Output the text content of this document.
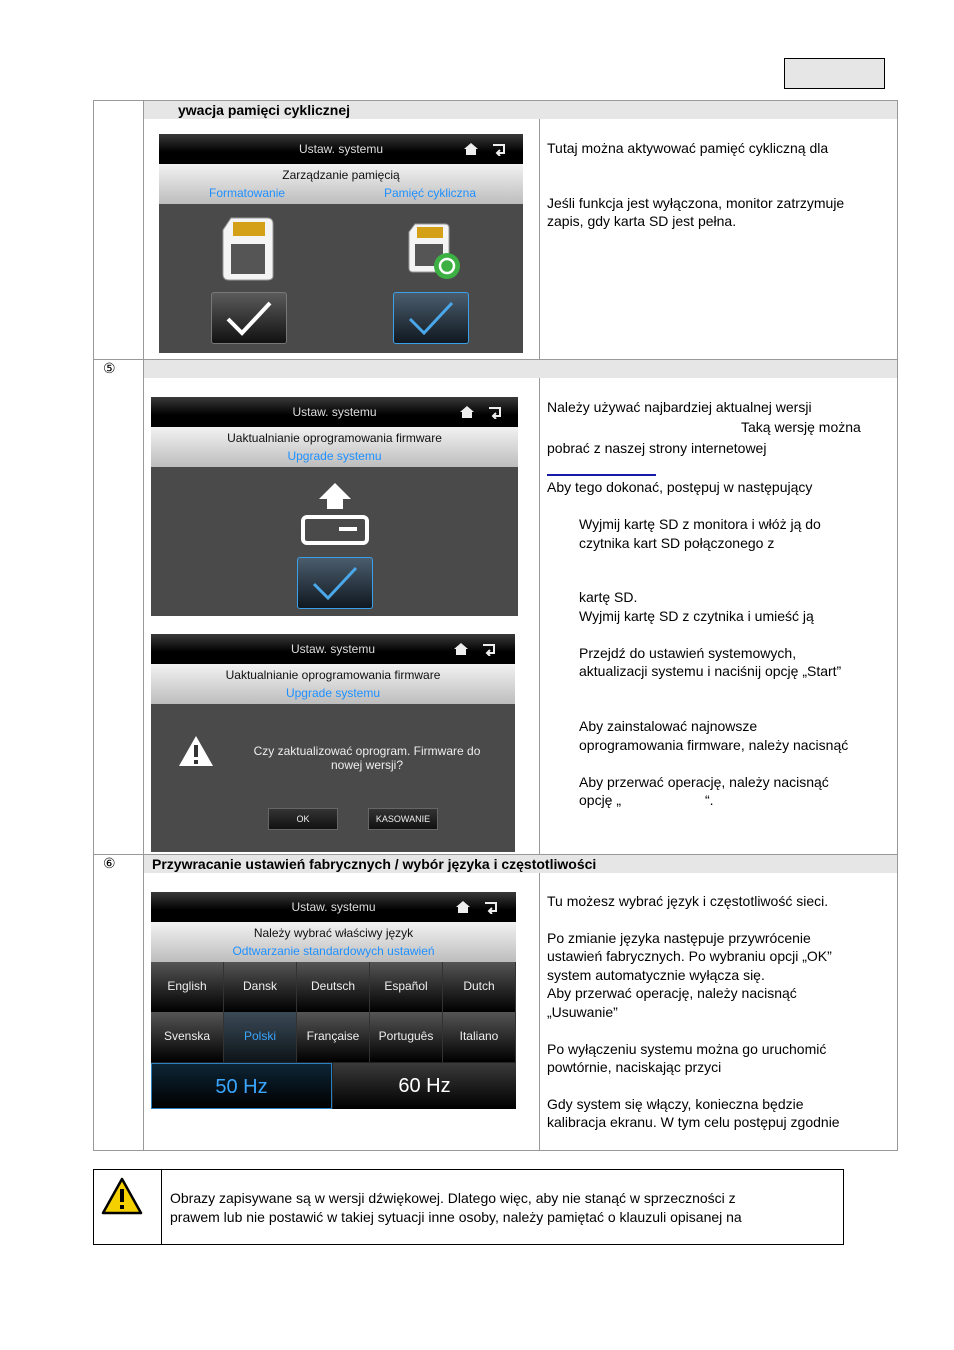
ywacja pamięci cyklicznej
Ustaw. systemu
Zarządzanie pamięcią
Formatowanie	Pamięć cykliczna
Tutaj można aktywować pamięć cykliczną dla
Jeśli funkcja jest wyłączona, monitor zatrzymuje
zapis, gdy karta SD jest pełna.
⑤
Ustaw. systemu
Uaktualnianie oprogramowania firmware
Upgrade systemu
Ustaw. systemu
Uaktualnianie oprogramowania firmware
Upgrade systemu
Czy zaktualizować oprogram. Firmware do
nowej wersji?
OK	KASOWANIE
Należy używać najbardziej aktualnej wersji
Taką wersję można
pobrać z naszej strony internetowej
Aby tego dokonać, postępuj w następujący
Wyjmij kartę SD z monitora i włóż ją do
czytnika kart SD połączonego z
kartę SD.
Wyjmij kartę SD z czytnika i umieść ją
Przejdź do ustawień systemowych,
aktualizacji systemu i naciśnij opcję „Start”
Aby zainstalować najnowsze
oprogramowania firmware, należy nacisnąć
Aby przerwać operację, należy nacisnąć
opcję „	“.
⑥	Przywracanie ustawień fabrycznych / wybór języka i częstotliwości
Ustaw. systemu
Należy wybrać właściwy język
Odtwarzanie standardowych ustawień
English	Dansk	Deutsch	Español	Dutch
Svenska	Polski	Française	Português	Italiano
50 Hz	60 Hz
Tu możesz wybrać język i częstotliwość sieci.
Po zmianie języka następuje przywrócenie
ustawień fabrycznych. Po wybraniu opcji „OK”
system automatycznie wyłącza się.
Aby przerwać operację, należy nacisnąć
„Usuwanie”
Po wyłączeniu systemu można go uruchomić
powtórnie, naciskając przyci
Gdy system się włączy, konieczna będzie
kalibracja ekranu. W tym celu postępuj zgodnie
Obrazy zapisywane są w wersji dźwiękowej. Dlatego więc, aby nie stanąć w sprzeczności z
prawem lub nie postawić w takiej sytuacji inne osoby, należy pamiętać o klauzuli opisanej na
